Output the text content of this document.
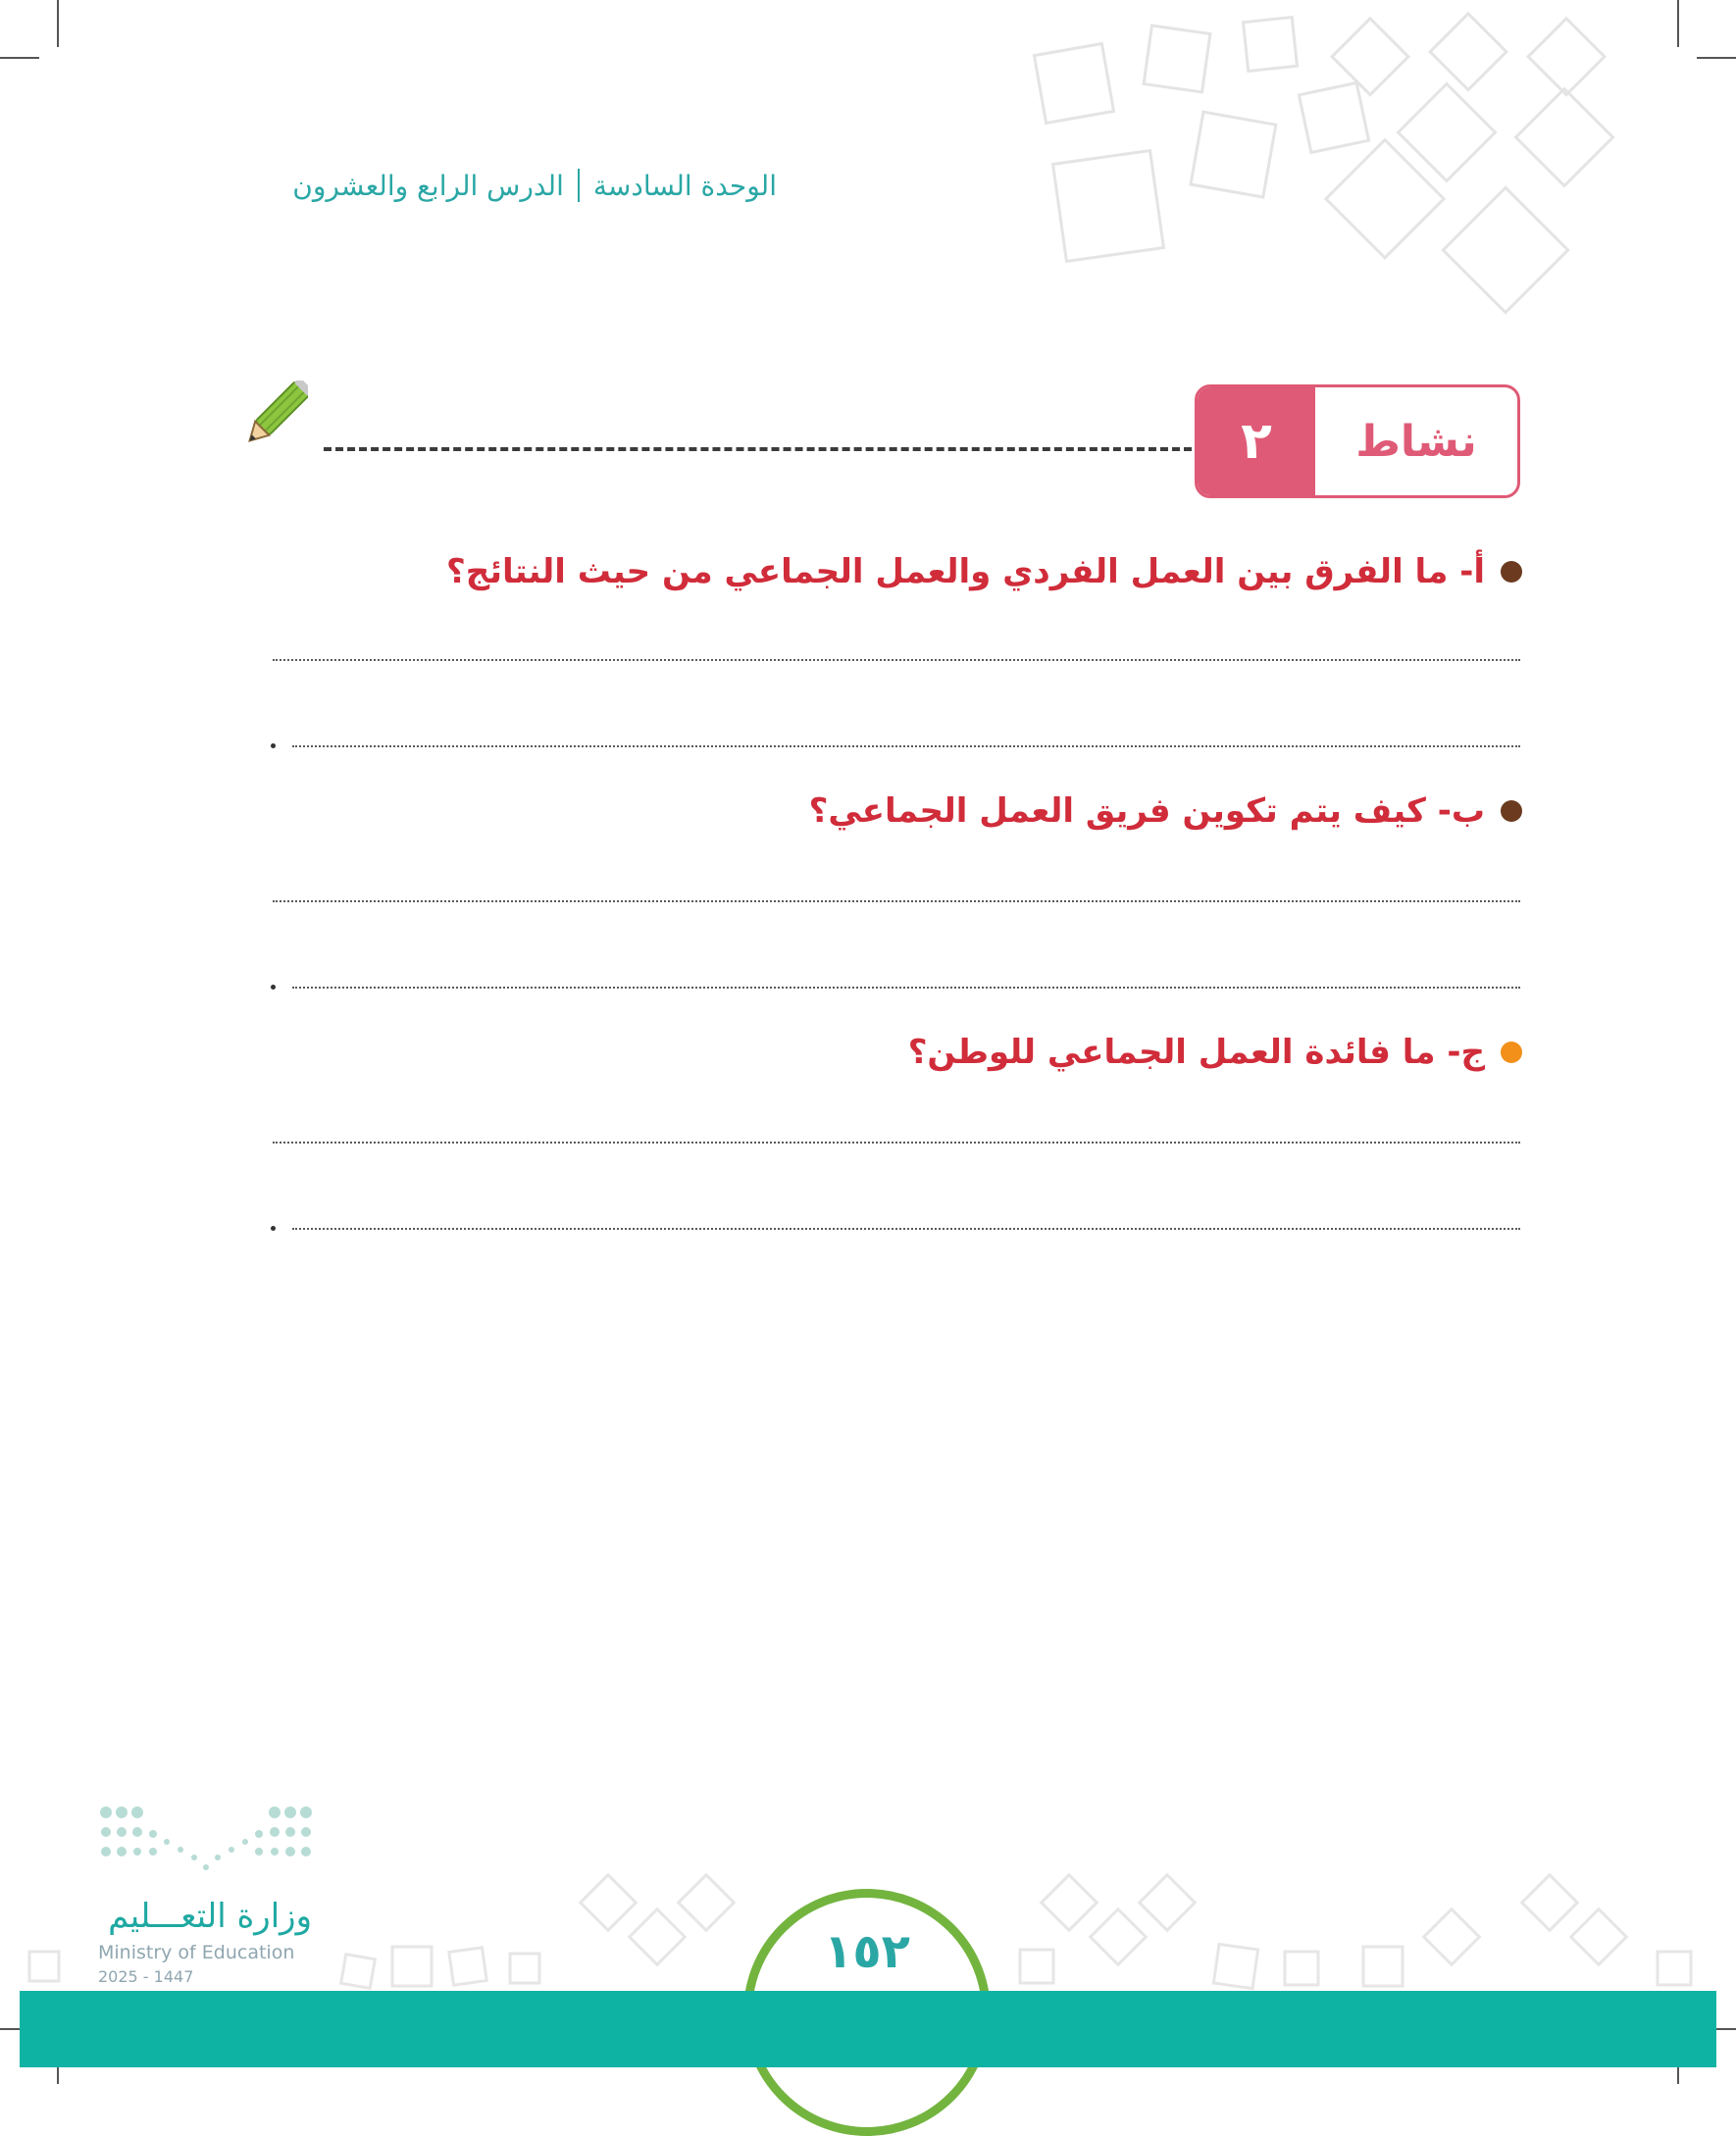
الوحدة السادسة
الدرس الرابع والعشرون
٢	نشاط
أ- ما الفرق بين العمل الفردي والعمل الجماعي من حيث النتائج؟
ب- كيف يتم تكوين فريق العمل الجماعي؟
ج- ما فائدة العمل الجماعي للوطن؟
١٥٢
وزارة التعـــليم
Ministry of Education
2025 - 1447
